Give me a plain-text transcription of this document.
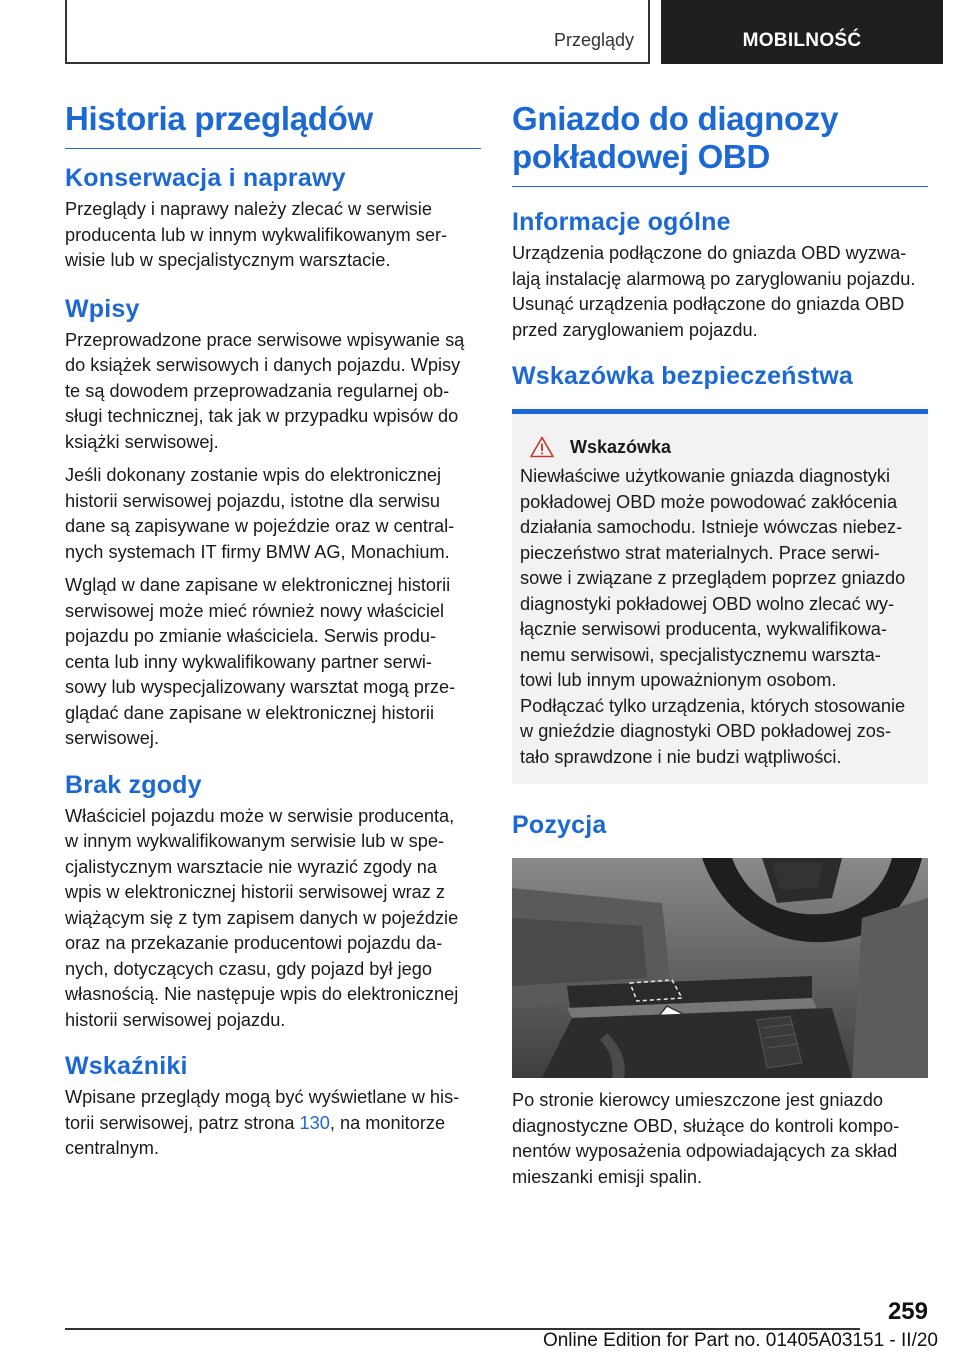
Przeglądy	MOBILNOŚĆ
Historia przeglądów
Konserwacja i naprawy
Przeglądy i naprawy należy zlecać w serwisie
producenta lub w innym wykwalifikowanym ser‐
wisie lub w specjalistycznym warsztacie.
Wpisy
Przeprowadzone prace serwisowe wpisywanie są
do książek serwisowych i danych pojazdu. Wpisy
te są dowodem przeprowadzania regularnej ob‐
sługi technicznej, tak jak w przypadku wpisów do
książki serwisowej.
Jeśli dokonany zostanie wpis do elektronicznej
historii serwisowej pojazdu, istotne dla serwisu
dane są zapisywane w pojeździe oraz w central‐
nych systemach IT firmy BMW AG, Monachium.
Wgląd w dane zapisane w elektronicznej historii
serwisowej może mieć również nowy właściciel
pojazdu po zmianie właściciela. Serwis produ‐
centa lub inny wykwalifikowany partner serwi‐
sowy lub wyspecjalizowany warsztat mogą prze‐
glądać dane zapisane w elektronicznej historii
serwisowej.
Brak zgody
Właściciel pojazdu może w serwisie producenta,
w innym wykwalifikowanym serwisie lub w spe‐
cjalistycznym warsztacie nie wyrazić zgody na
wpis w elektronicznej historii serwisowej wraz z
wiążącym się z tym zapisem danych w pojeździe
oraz na przekazanie producentowi pojazdu da‐
nych, dotyczących czasu, gdy pojazd był jego
własnością. Nie następuje wpis do elektronicznej
historii serwisowej pojazdu.
Wskaźniki
Wpisane przeglądy mogą być wyświetlane w his‐
torii serwisowej, patrz strona 130, na monitorze
centralnym.
Gniazdo do diagnozy
pokładowej OBD
Informacje ogólne
Urządzenia podłączone do gniazda OBD wyzwa‐
lają instalację alarmową po zaryglowaniu pojazdu.
Usunąć urządzenia podłączone do gniazda OBD
przed zaryglowaniem pojazdu.
Wskazówka bezpieczeństwa
Wskazówka
Niewłaściwe użytkowanie gniazda diagnostyki
pokładowej OBD może powodować zakłócenia
działania samochodu. Istnieje wówczas niebez‐
pieczeństwo strat materialnych. Prace serwi‐
sowe i związane z przeglądem poprzez gniazdo
diagnostyki pokładowej OBD wolno zlecać wy‐
łącznie serwisowi producenta, wykwalifikowa‐
nemu serwisowi, specjalistycznemu warszta‐
towi lub innym upoważnionym osobom.
Podłączać tylko urządzenia, których stosowanie
w gnieździe diagnostyki OBD pokładowej zos‐
tało sprawdzone i nie budzi wątpliwości.
Pozycja
Po stronie kierowcy umieszczone jest gniazdo
diagnostyczne OBD, służące do kontroli kompo‐
nentów wyposażenia odpowiadających za skład
mieszanki emisji spalin.
259
Online Edition for Part no. 01405A03151 - II/20
